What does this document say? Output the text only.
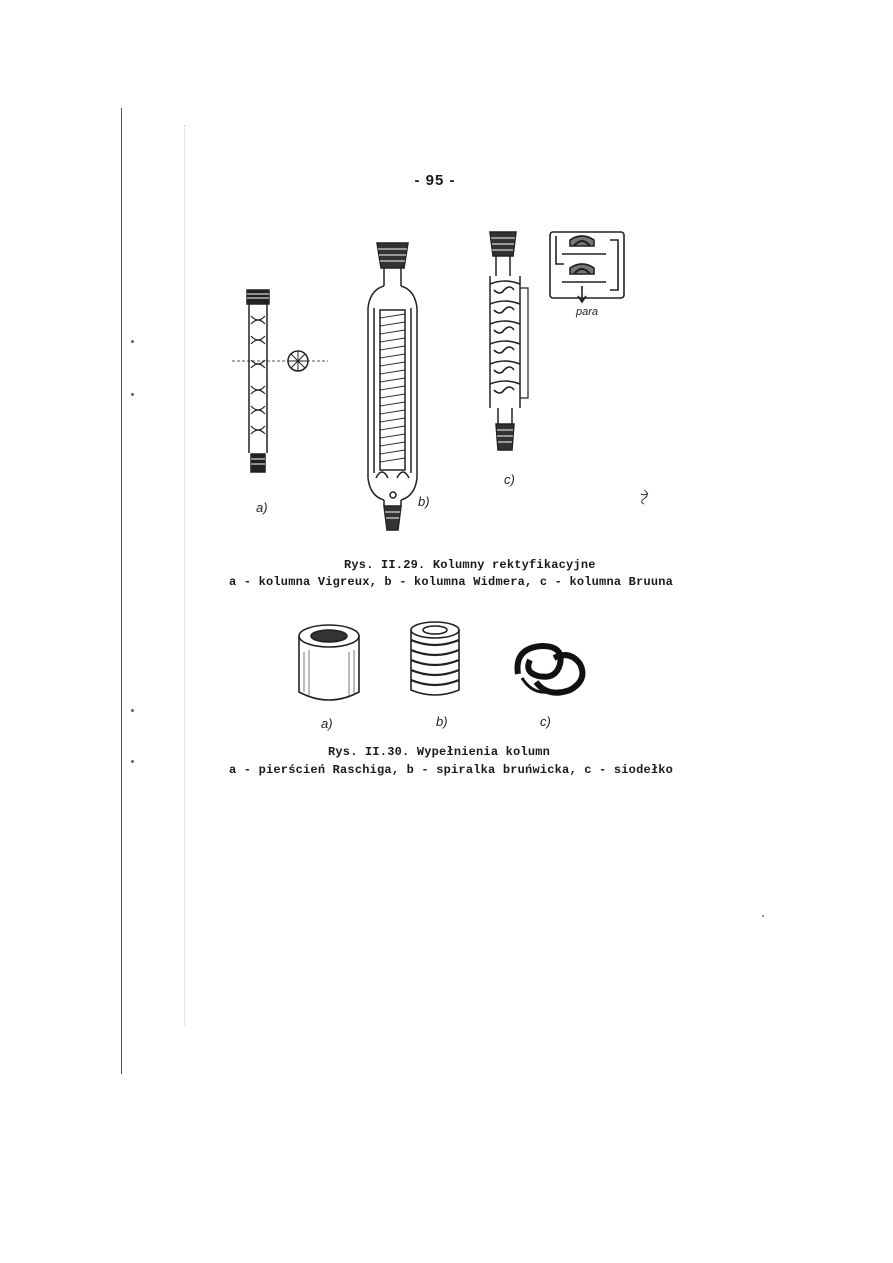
- 95 -
a)	b)
c)
para
Rys. II.29. Kolumny rektyfikacyjne
a - kolumna Vigreux, b - kolumna Widmera, c - kolumna Bruuna
a)	b)	c)
Rys. II.30. Wypełnienia kolumn
a - pierścień Raschiga, b - spiralka bruńwicka, c - siodełko
